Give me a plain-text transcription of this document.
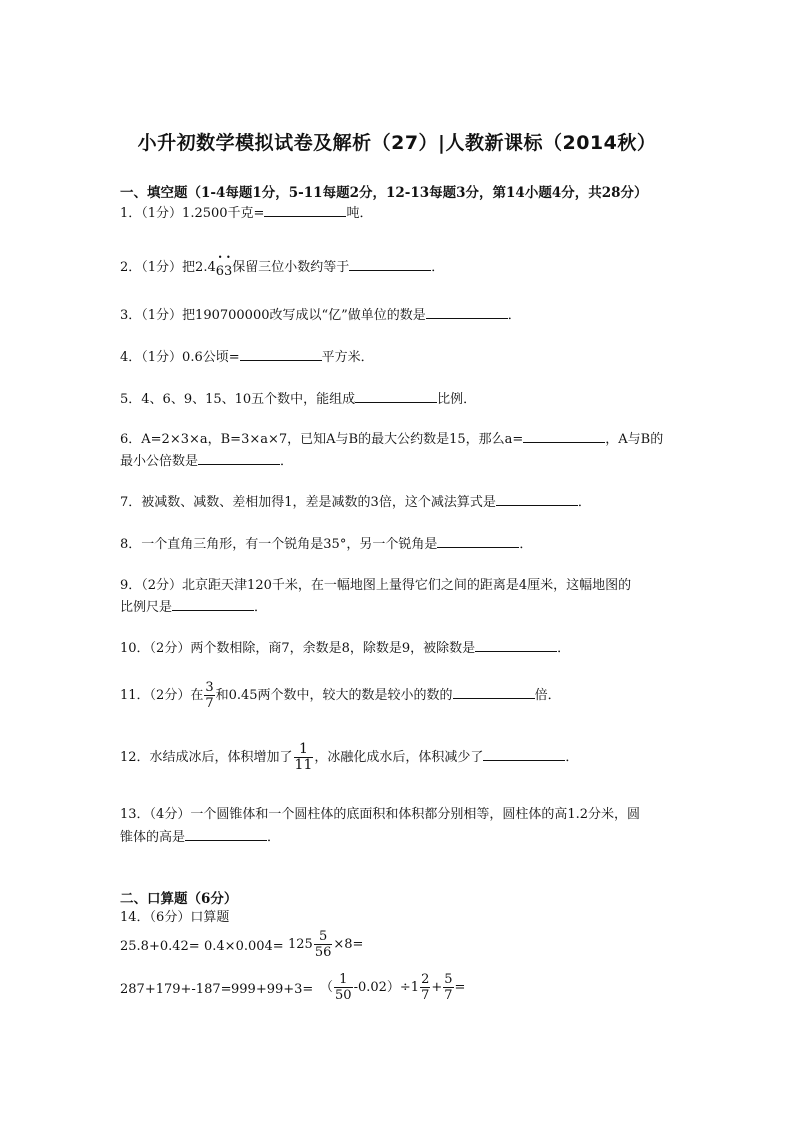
小升初数学模拟试卷及解析（27）|人教新课标（2014秋）
一、填空题（1-4每题1分，5-11每题2分，12-13每题3分，第14小题4分，共28分）
1．（1分）1.2500千克=	吨．
2．（1分）把2.4• 6• 3保留三位小数约等于	．
3．（1分）把190700000改写成以“亿”做单位的数是	．
4．（1分）0.6公顷=	平方米．
5．4、6、9、15、10五个数中，能组成	比例．
6．A=2×3×a，B=3×a×7，已知A与B的最大公约数是15，那么a=	，A与B的
最小公倍数是	．
7．被减数、减数、差相加得1，差是减数的3倍，这个减法算式是	．
8．一个直角三角形，有一个锐角是35°，另一个锐角是	．
9．（2分）北京距天津120千米，在一幅地图上量得它们之间的距离是4厘米，这幅地图的
比例尺是	．
10．（2分）两个数相除，商7，余数是8，除数是9，被除数是	．
11．（2分）在 $\frac{3}{7}$ 和0.45两个数中，较大的数是较小的数的	倍．
12．水结成冰后，体积增加了 $\frac{1}{11}$ ，冰融化成水后，体积减少了	．
13．（4分）一个圆锥体和一个圆柱体的底面积和体积都分别相等，圆柱体的高1.2分米，圆
锥体的高是	．
二、口算题（6分）
14．（6分）口算题
$25.8+0.42= 0.4\times 0.004= 125 \frac{5}{56} \times 8=$
287+179+-187= 999+99+3= （ $\frac{1}{50} -0.02)\div 1 \frac{2}{7} + \frac{5}{7}$ =
